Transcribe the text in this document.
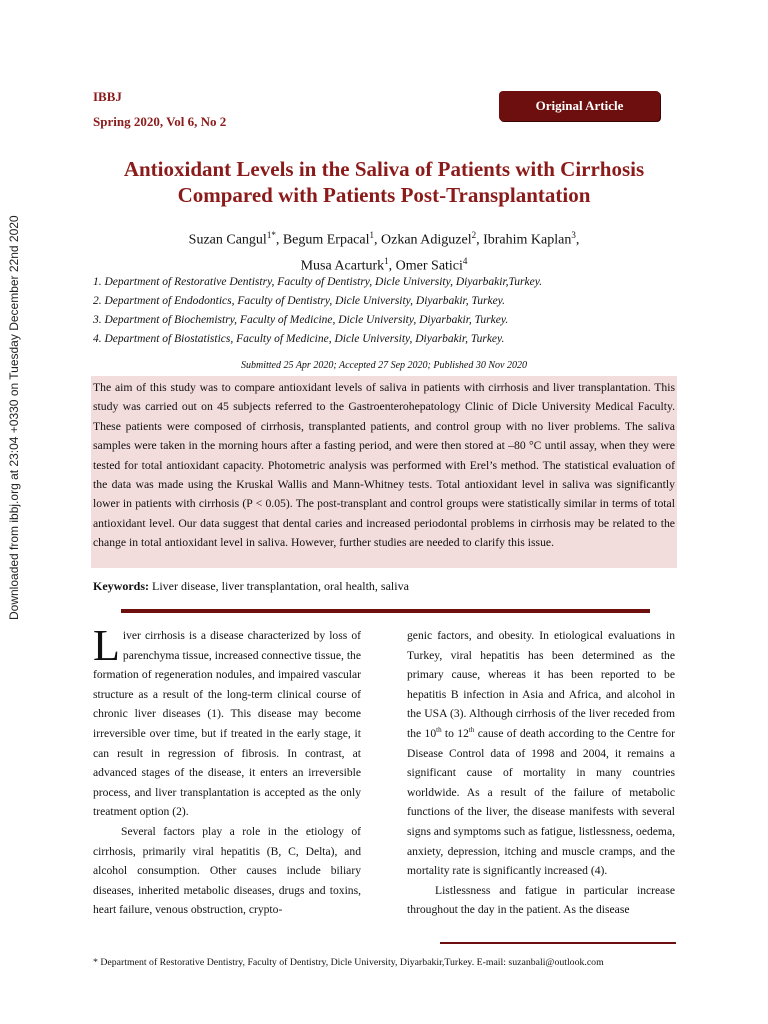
Downloaded from ibbj.org at 23:04 +0330 on Tuesday December 22nd 2020
IBBJ
Spring 2020, Vol 6, No 2
Original Article
Antioxidant Levels in the Saliva of Patients with Cirrhosis
Compared with Patients Post-Transplantation
Suzan Cangul$^{1*}$, Begum Erpacal$^1$, Ozkan Adiguzel$^2$, Ibrahim Kaplan$^3$,
Musa Acarturk$^1$, Omer Satici$^4$
1. Department of Restorative Dentistry, Faculty of Dentistry, Dicle University, Diyarbakir,Turkey.
2. Department of Endodontics, Faculty of Dentistry, Dicle University, Diyarbakir, Turkey.
3. Department of Biochemistry, Faculty of Medicine, Dicle University, Diyarbakir, Turkey.
4. Department of Biostatistics, Faculty of Medicine, Dicle University, Diyarbakir, Turkey.
Submitted 25 Apr 2020; Accepted 27 Sep 2020; Published 30 Nov 2020
The aim of this study was to compare antioxidant levels of saliva in patients with cirrhosis and liver transplantation. This study was carried out on 45 subjects referred to the Gastroenterohepatology Clinic of Dicle University Medical Faculty. These patients were composed of cirrhosis, transplanted patients, and control group with no liver problems. The saliva samples were taken in the morning hours after a fasting period, and were then stored at –80 °C until assay, when they were tested for total antioxidant capacity. Photometric analysis was performed with Erel’s method. The statistical evaluation of the data was made using the Kruskal Wallis and Mann-Whitney tests. Total antioxidant level in saliva was significantly lower in patients with cirrhosis (P < 0.05). The post-transplant and control groups were statistically similar in terms of total antioxidant level. Our data suggest that dental caries and increased periodontal problems in cirrhosis may be related to the change in total antioxidant level in saliva. However, further studies are needed to clarify this issue.
Keywords: Liver disease, liver transplantation, oral health, saliva

Liver cirrhosis is a disease characterized by loss of parenchyma tissue, increased connective tissue, the formation of regeneration nodules, and impaired vascular structure as a result of the long-term clinical course of chronic liver diseases (1). This disease may become irreversible over time, but if treated in the early stage, it can result in regression of fibrosis. In contrast, at advanced stages of the disease, it enters an irreversible process, and liver transplantation is accepted as the only treatment option (2).

Several factors play a role in the etiology of cirrhosis, primarily viral hepatitis (B, C, Delta), and alcohol consumption. Other causes include biliary diseases, inherited metabolic diseases, drugs and toxins, heart failure, venous obstruction, crypto-

genic factors, and obesity. In etiological evaluations in Turkey, viral hepatitis has been determined as the primary cause, whereas it has been reported to be hepatitis B infection in Asia and Africa, and alcohol in the USA (3). Although cirrhosis of the liver receded from the 10th to 12th cause of death according to the Centre for Disease Control data of 1998 and 2004, it remains a significant cause of mortality in many countries worldwide. As a result of the failure of metabolic functions of the liver, the disease manifests with several signs and symptoms such as fatigue, listlessness, oedema, anxiety, depression, itching and muscle cramps, and the mortality rate is significantly increased (4).

Listlessness and fatigue in particular increase throughout the day in the patient. As the disease

* Department of Restorative Dentistry, Faculty of Dentistry, Dicle University, Diyarbakir,Turkey. E-mail: suzanbali@outlook.com
